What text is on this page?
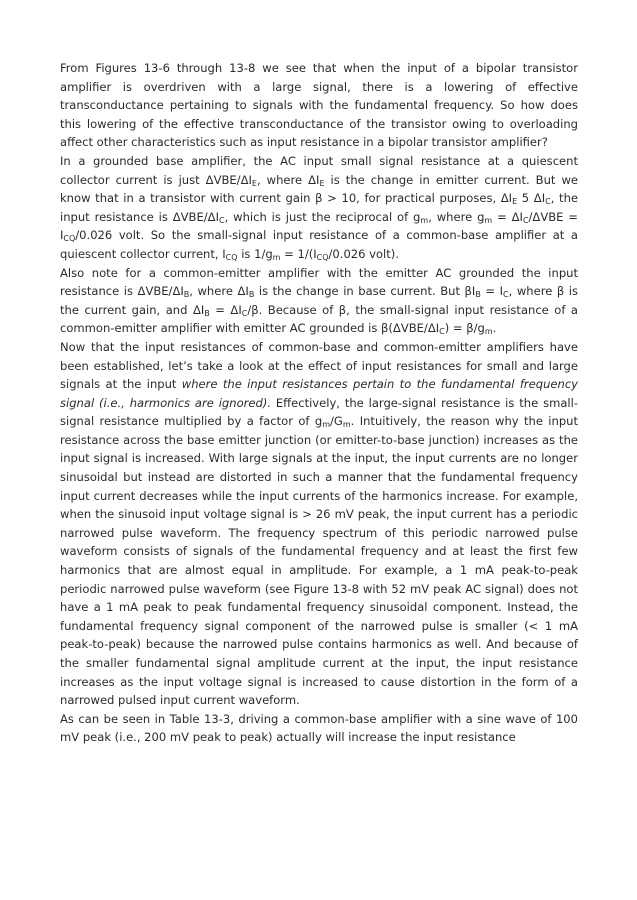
From Figures 13-6 through 13-8 we see that when the input of a bipolar transistor amplifier is overdriven with a large signal, there is a lowering of effective transconductance pertaining to signals with the fundamental frequency. So how does this lowering of the effective transconductance of the transistor owing to overloading affect other characteristics such as input resistance in a bipolar transistor amplifier?

In a grounded base amplifier, the AC input small signal resistance at a quiescent collector current is just ΔVBE/$\Delta I_E$, where $\Delta I_E$ is the change in emitter current. But we know that in a transistor with current gain β > 10, for practical purposes, $\Delta I_E$ 5 $\Delta I_C$, the input resistance is ΔVBE/$\Delta I_C$, which is just the reciprocal of $g_m$, where $g_m = \Delta I_C/\Delta VBE = I_{CQ}/0.026$ volt. So the small-signal input resistance of a common-base amplifier at a quiescent collector current, $I_{CQ}$ is $1/g_m = 1/(I_{CQ}/0.026$ volt).

Also note for a common-emitter amplifier with the emitter AC grounded the input resistance is ΔVBE/$\Delta I_B$, where $\Delta I_B$ is the change in base current. But $\beta I_B = I_C$, where β is the current gain, and $\Delta I_B = \Delta I_C/\beta$. Because of β, the small-signal input resistance of a common-emitter amplifier with emitter AC grounded is $\beta(\Delta VBE/\Delta I_C) = \beta/g_m$.

Now that the input resistances of common-base and common-emitter amplifiers have been established, let’s take a look at the effect of input resistances for small and large signals at the input where the input resistances pertain to the fundamental frequency signal (i.e., harmonics are ignored). Effectively, the large-signal resistance is the small-signal resistance multiplied by a factor of $g_m/G_m$. Intuitively, the reason why the input resistance across the base emitter junction (or emitter-to-base junction) increases as the input signal is increased. With large signals at the input, the input currents are no longer sinusoidal but instead are distorted in such a manner that the fundamental frequency input current decreases while the input currents of the harmonics increase. For example, when the sinusoid input voltage signal is > 26 mV peak, the input current has a periodic narrowed pulse waveform. The frequency spectrum of this periodic narrowed pulse waveform consists of signals of the fundamental frequency and at least the first few harmonics that are almost equal in amplitude. For example, a 1 mA peak-to-peak periodic narrowed pulse waveform (see Figure 13-8 with 52 mV peak AC signal) does not have a 1 mA peak to peak fundamental frequency sinusoidal component. Instead, the fundamental frequency signal component of the narrowed pulse is smaller (< 1 mA peak-to-peak) because the narrowed pulse contains harmonics as well. And because of the smaller fundamental signal amplitude current at the input, the input resistance increases as the input voltage signal is increased to cause distortion in the form of a narrowed pulsed input current waveform.

As can be seen in Table 13-3, driving a common-base amplifier with a sine wave of 100 mV peak (i.e., 200 mV peak to peak) actually will increase the input resistance
